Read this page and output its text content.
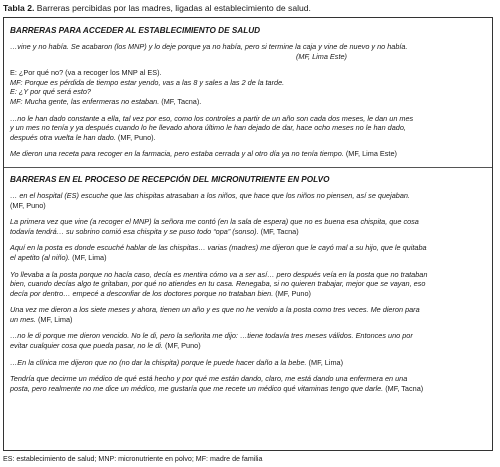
Tabla 2. Barreras percibidas por las madres, ligadas al establecimiento de salud.
BARRERAS PARA ACCEDER AL ESTABLECIMIENTO DE SALUD
…vine y no había. Se acabaron (los MNP) y lo deje porque ya no había, pero si termine la caja y vine de nuevo y no había.
(MF, Lima Este)
E: ¿Por qué no? (va a recoger los MNP al ES).
MF: Porque es pérdida de tiempo estar yendo, vas a las 8 y sales a las 2 de la tarde.
E: ¿Y por qué será esto?
MF: Mucha gente, las enfermeras no estaban. (MF, Tacna).
…no le han dado constante a ella, tal vez por eso, como los controles a partir de un año son cada dos meses, le dan un mes
y un mes no tenía y ya después cuando lo he llevado ahora último le han dejado de dar, hace ocho meses no le han dado,
después otra vuelta le han dado. (MF, Puno).
Me dieron una receta para recoger en la farmacia, pero estaba cerrada y al otro día ya no tenía tiempo. (MF, Lima Este)
BARRERAS EN EL PROCESO DE RECEPCIÓN DEL MICRONUTRIENTE EN POLVO
… en el hospital (ES) escuche que las chispitas atrasaban a los niños, que hace que los niños no piensen, así se quejaban.
(MF, Puno)
La primera vez que vine (a recoger el MNP) la señora me contó (en la sala de espera) que no es buena esa chispita, que cosa
todavía tendrá… su sobrino comió esa chispita y se puso todo “opa” (sonso). (MF, Tacna)
Aquí en la posta es donde escuché hablar de las chispitas… varias (madres) me dijeron que le cayó mal a su hijo, que le quitaba
el apetito (al niño). (MF, Lima)
Yo llevaba a la posta porque no hacía caso, decía es mentira cómo va a ser así… pero después veía en la posta que no trataban
bien, cuando decías algo te gritaban, por qué no atiendes en tu casa. Renegaba, si no quieren trabajar, mejor que se vayan, eso
decía por dentro… empecé a desconfiar de los doctores porque no trataban bien. (MF, Puno)
Una vez me dieron a los siete meses y ahora, tienen un año y es que no he venido a la posta como tres veces. Me dieron para
un mes. (MF, Lima)
…no le di porque me dieron vencido. No le di, pero la señorita me dijo: …tiene todavía tres meses válidos. Entonces uno por
evitar cualquier cosa que pueda pasar, no le di. (MF, Puno)
…En la clínica me dijeron que no (no dar la chispita) porque le puede hacer daño a la bebe. (MF, Lima)
Tendría que decirme un médico de qué está hecho y por qué me están dando, claro, me está dando una enfermera en una
posta, pero realmente no me dice un médico, me gustaría que me recete un médico qué vitaminas tengo que darle. (MF, Tacna)
ES: establecimiento de salud; MNP: micronutriente en polvo; MF: madre de familia
